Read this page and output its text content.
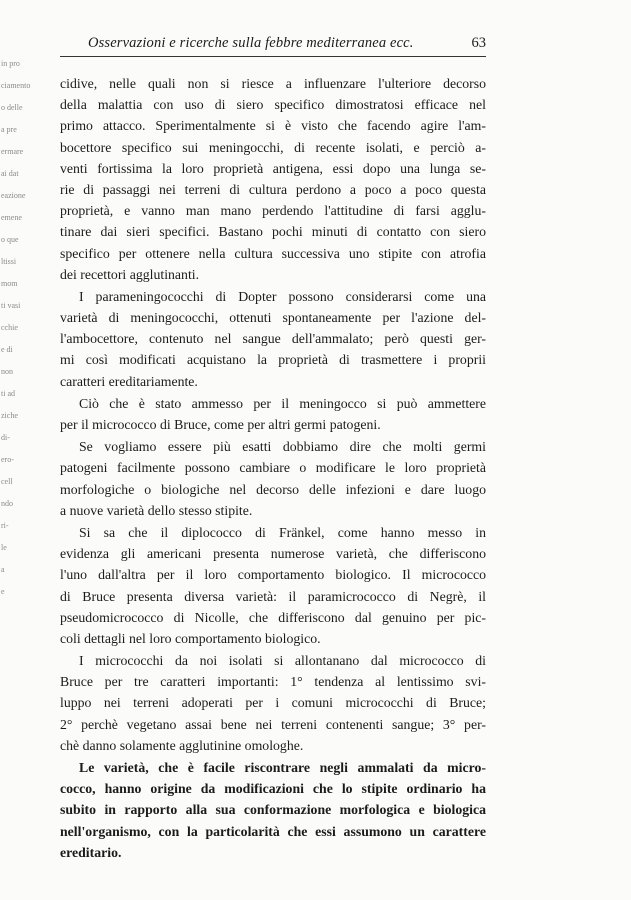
in pro
ciamento
o delle
a pre
ermare
ai dat
eazione
emene
o que
ltissi
mom
ti vasi
cchie
e di
non
ti ad
ziche
di-
ero-
cell
ndo
ri-
le
a
e
Osservazioni e ricerche sulla febbre mediterranea ecc.	63
cidive, nelle quali non si riesce a influenzare l'ulteriore decorso
della malattia con uso di siero specifico dimostratosi efficace nel
primo attacco. Sperimentalmente si è visto che facendo agire l'am-
bocettore specifico sui meningocchi, di recente isolati, e perciò a-
venti fortissima la loro proprietà antigena, essi dopo una lunga se-
rie di passaggi nei terreni di cultura perdono a poco a poco questa
proprietà, e vanno man mano perdendo l'attitudine di farsi agglu-
tinare dai sieri specifici. Bastano pochi minuti di contatto con siero
specifico per ottenere nella cultura successiva uno stipite con atrofia
dei recettori agglutinanti.
I parameningococchi di Dopter possono considerarsi come una
varietà di meningococchi, ottenuti spontaneamente per l'azione del-
l'ambocettore, contenuto nel sangue dell'ammalato; però questi ger-
mi così modificati acquistano la proprietà di trasmettere i proprii
caratteri ereditariamente.
Ciò che è stato ammesso per il meningocco si può ammettere
per il micrococco di Bruce, come per altri germi patogeni.
Se vogliamo essere più esatti dobbiamo dire che molti germi
patogeni facilmente possono cambiare o modificare le loro proprietà
morfologiche o biologiche nel decorso delle infezioni e dare luogo
a nuove varietà dello stesso stipite.
Si sa che il diplococco di Fränkel, come hanno messo in
evidenza gli americani presenta numerose varietà, che differiscono
l'uno dall'altra per il loro comportamento biologico. Il micrococco
di Bruce presenta diversa varietà: il paramicrococco di Negrè, il
pseudomicrococco di Nicolle, che differiscono dal genuino per pic-
coli dettagli nel loro comportamento biologico.
I micrococchi da noi isolati si allontanano dal micrococco di
Bruce per tre caratteri importanti: 1° tendenza al lentissimo svi-
luppo nei terreni adoperati per i comuni micrococchi di Bruce;
2° perchè vegetano assai bene nei terreni contenenti sangue; 3° per-
chè danno solamente agglutinine omologhe.
Le varietà, che è facile riscontrare negli ammalati da micro-
cocco, hanno origine da modificazioni che lo stipite ordinario ha
subito in rapporto alla sua conformazione morfologica e biologica
nell'organismo, con la particolarità che essi assumono un carattere
ereditario.
